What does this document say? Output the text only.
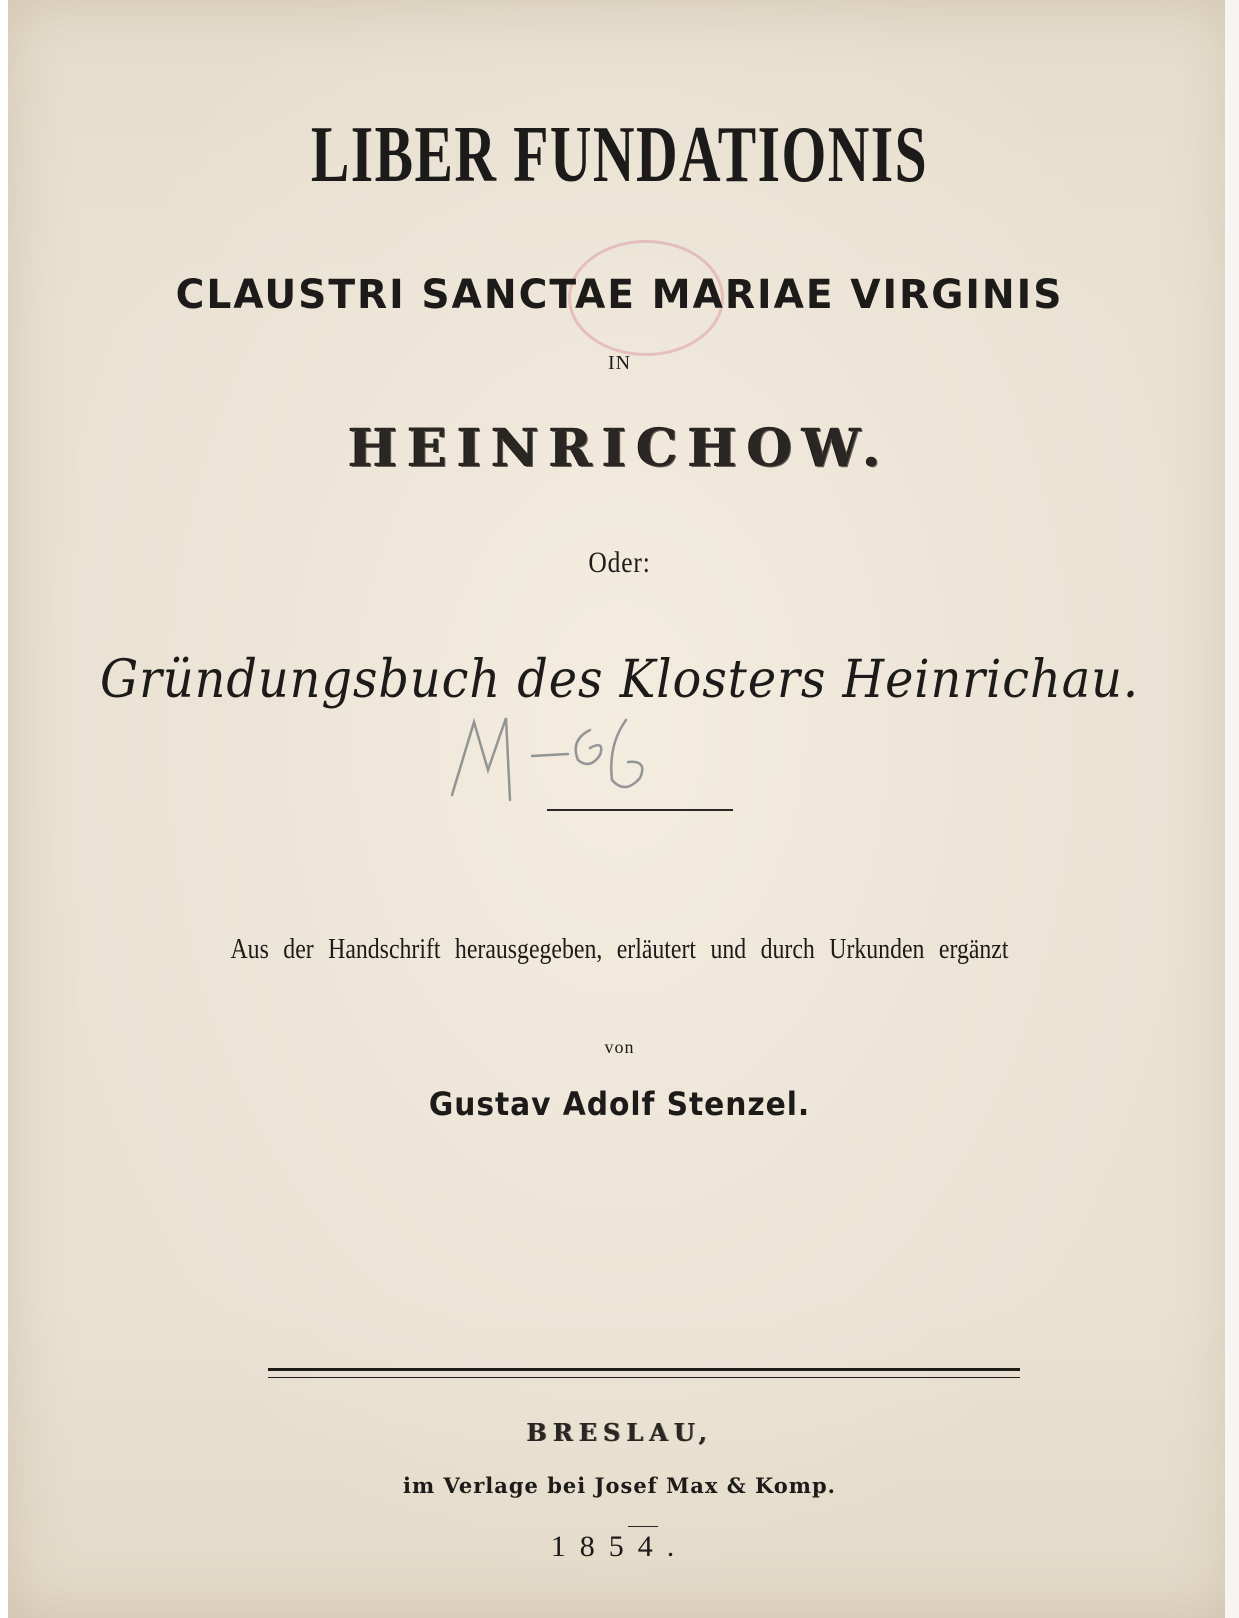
LIBER FUNDATIONIS
CLAUSTRI SANCTAE MARIAE VIRGINIS
IN
HEINRICHOW.
Oder:
Gründungsbuch des Klosters Heinrichau.
Aus der Handschrift herausgegeben, erläutert und durch Urkunden ergänzt
von
Gustav Adolf Stenzel.
BRESLAU,
im Verlage bei Josef Max & Komp.
1854.
